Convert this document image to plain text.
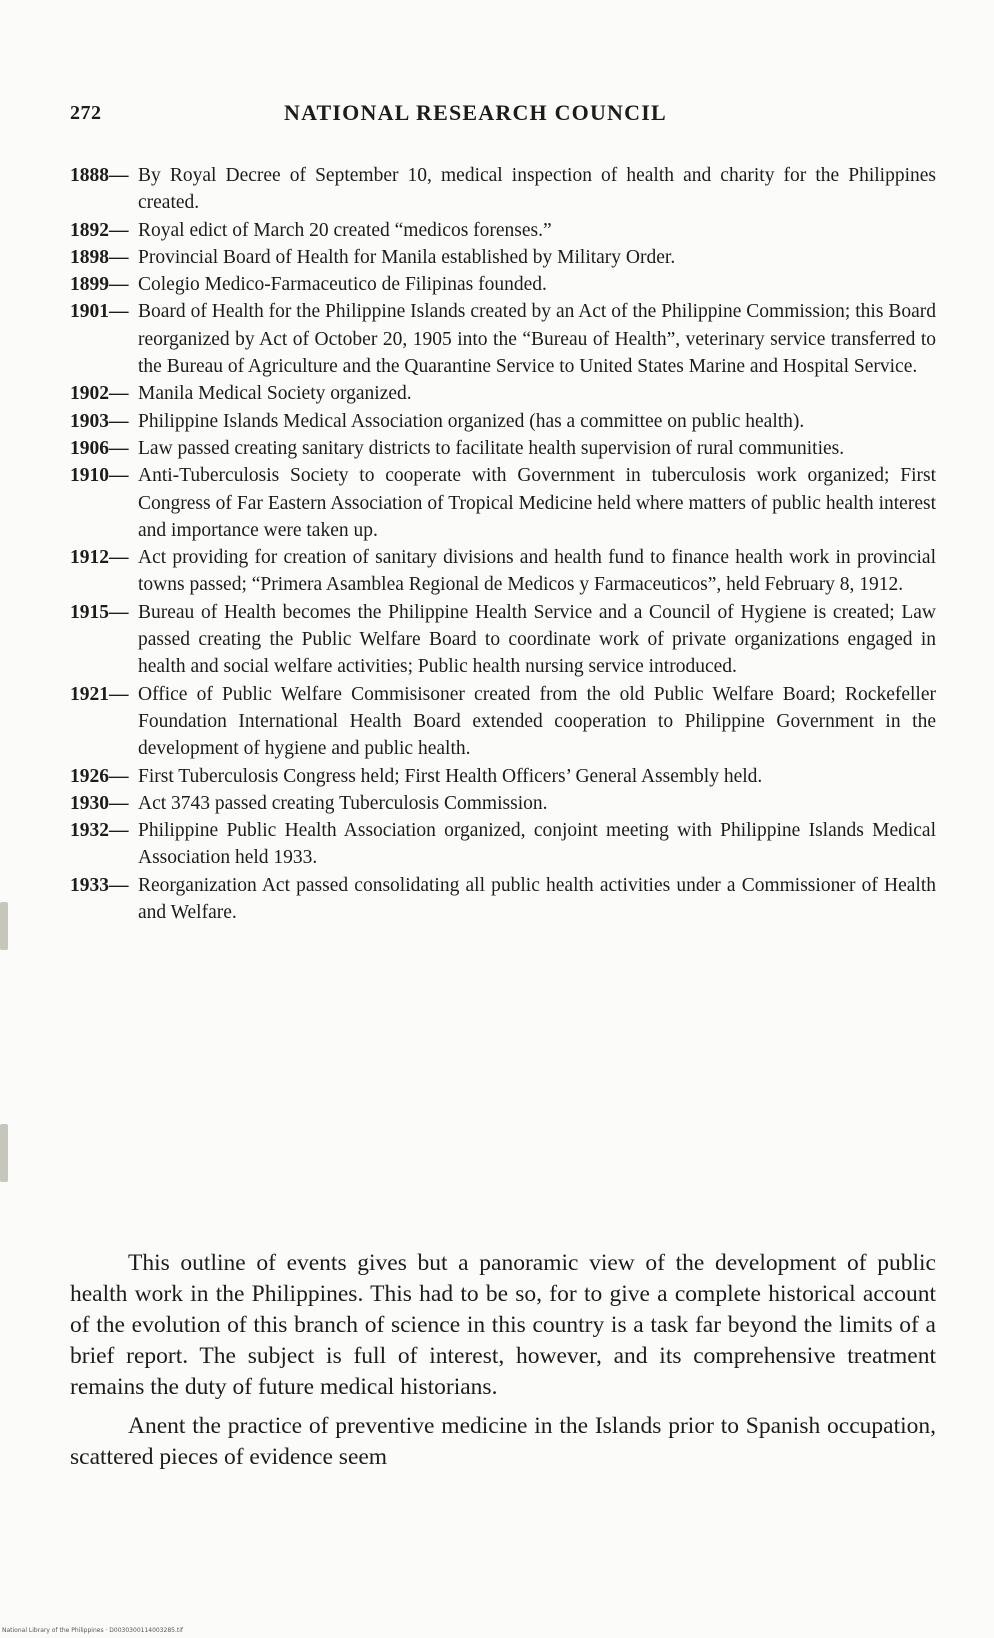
272	NATIONAL RESEARCH COUNCIL
1888— By Royal Decree of September 10, medical inspection of health and charity for the Philippines created.
1892— Royal edict of March 20 created “medicos forenses.”
1898— Provincial Board of Health for Manila established by Military Order.
1899— Colegio Medico-Farmaceutico de Filipinas founded.
1901— Board of Health for the Philippine Islands created by an Act of the Philippine Commission; this Board reorganized by Act of October 20, 1905 into the “Bureau of Health”, veterinary service transferred to the Bureau of Agriculture and the Quarantine Service to United States Marine and Hospital Service.
1902— Manila Medical Society organized.
1903— Philippine Islands Medical Association organized (has a committee on public health).
1906— Law passed creating sanitary districts to facilitate health supervision of rural communities.
1910— Anti-Tuberculosis Society to cooperate with Government in tuberculosis work organized; First Congress of Far Eastern Association of Tropical Medicine held where matters of public health interest and importance were taken up.
1912— Act providing for creation of sanitary divisions and health fund to finance health work in provincial towns passed; “Primera Asamblea Regional de Medicos y Farmaceuticos”, held February 8, 1912.
1915— Bureau of Health becomes the Philippine Health Service and a Council of Hygiene is created; Law passed creating the Public Welfare Board to coordinate work of private organizations engaged in health and social welfare activities; Public health nursing service introduced.
1921— Office of Public Welfare Commisisoner created from the old Public Welfare Board; Rockefeller Foundation International Health Board extended cooperation to Philippine Government in the development of hygiene and public health.
1926— First Tuberculosis Congress held; First Health Officers’ General Assembly held.
1930— Act 3743 passed creating Tuberculosis Commission.
1932— Philippine Public Health Association organized, conjoint meeting with Philippine Islands Medical Association held 1933.
1933— Reorganization Act passed consolidating all public health activities under a Commissioner of Health and Welfare.

This outline of events gives but a panoramic view of the development of public health work in the Philippines. This had to be so, for to give a complete historical account of the evolution of this branch of science in this country is a task far beyond the limits of a brief report. The subject is full of interest, however, and its comprehensive treatment remains the duty of future medical historians.

Anent the practice of preventive medicine in the Islands prior to Spanish occupation, scattered pieces of evidence seem

National Library of the Philippines · D0030300114003285.tif
